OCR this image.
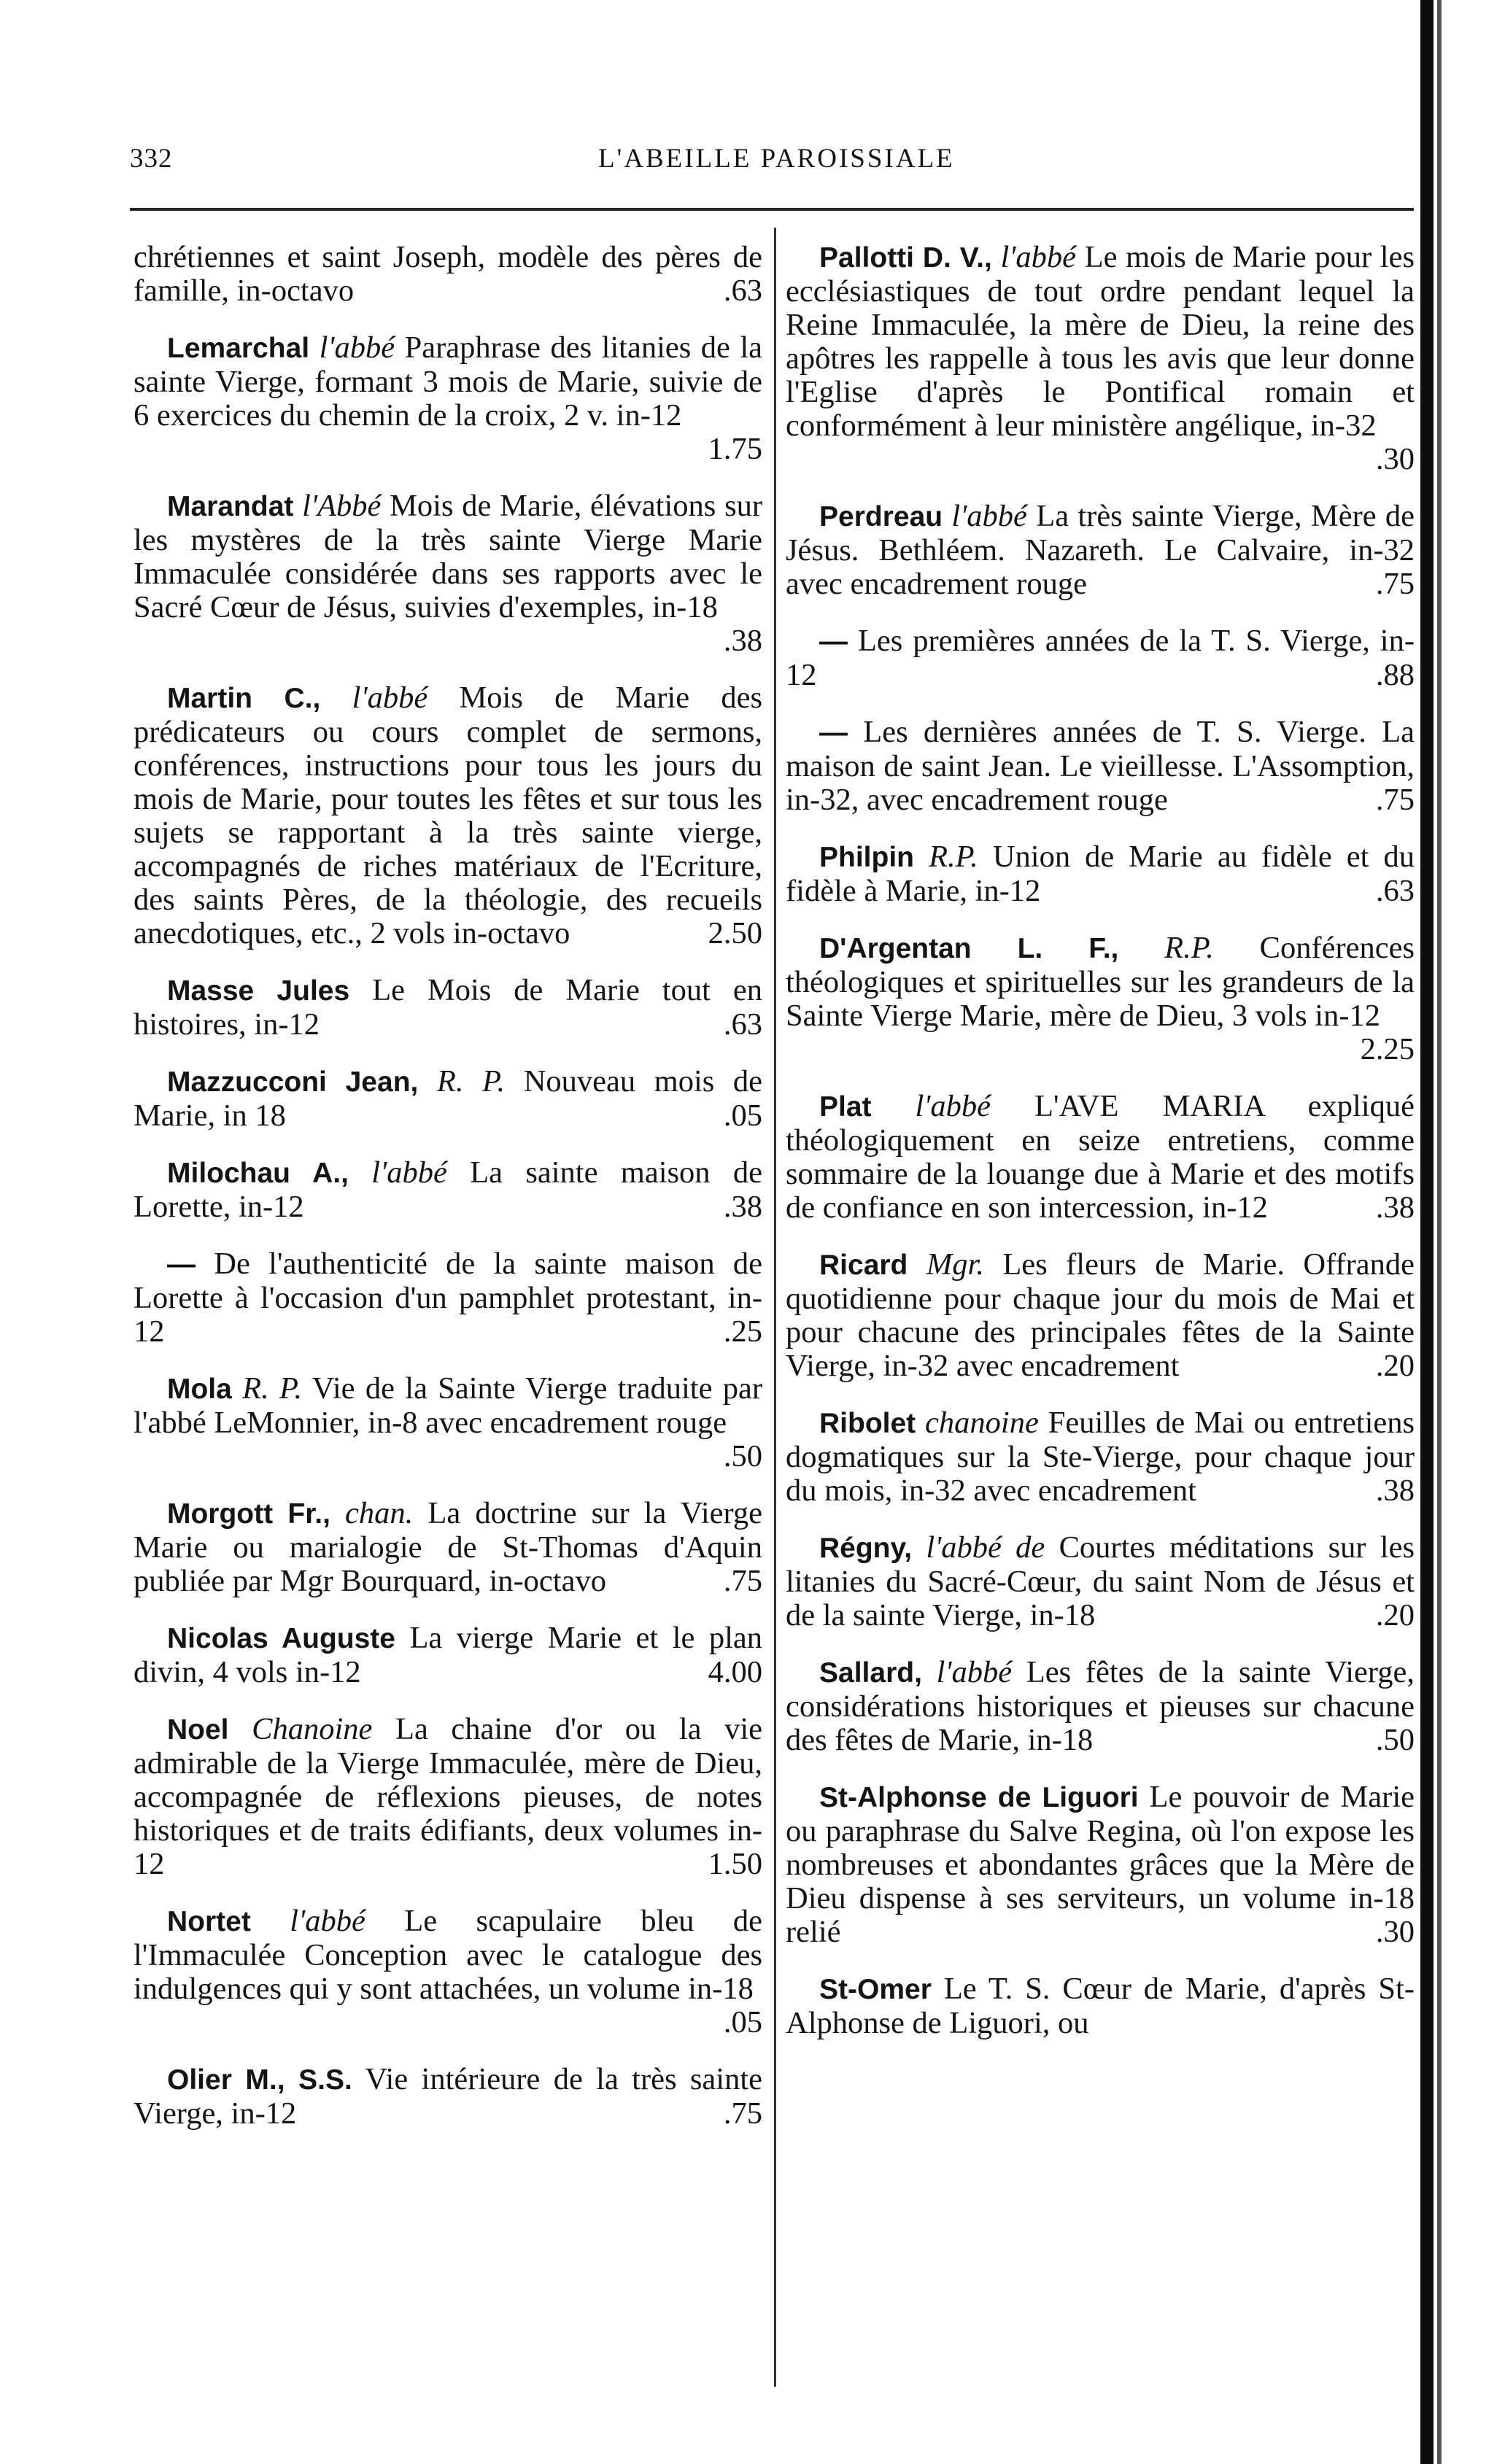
332	L'ABEILLE PAROISSIALE

chrétiennes et saint Joseph, modèle des pères de famille, in-octavo	.63

Lemarchal l'abbé Paraphrase des litanies de la sainte Vierge, formant 3 mois de Marie, suivie de 6 exercices du chemin de la croix, 2 v. in-12
1.75

Marandat l'Abbé Mois de Marie, élévations sur les mystères de la très sainte Vierge Marie Immaculée considérée dans ses rapports avec le Sacré Cœur de Jésus, suivies d'exemples, in-18
.38

Martin C., l'abbé Mois de Marie des prédicateurs ou cours complet de sermons, conférences, instructions pour tous les jours du mois de Marie, pour toutes les fêtes et sur tous les sujets se rapportant à la très sainte vierge, accompagnés de riches matériaux de l'Ecriture, des saints Pères, de la théologie, des recueils anecdotiques, etc., 2 vols in-octavo	2.50

Masse Jules Le Mois de Marie tout en histoires, in-12	.63

Mazzucconi Jean, R. P. Nouveau mois de Marie, in 18	.05

Milochau A., l'abbé La sainte maison de Lorette, in-12	.38

— De l'authenticité de la sainte maison de Lorette à l'occasion d'un pamphlet protestant, in-12	.25

Mola R. P. Vie de la Sainte Vierge traduite par l'abbé LeMonnier, in-8 avec encadrement rouge
.50

Morgott Fr., chan. La doctrine sur la Vierge Marie ou marialogie de St-Thomas d'Aquin publiée par Mgr Bourquard, in-octavo	.75

Nicolas Auguste La vierge Marie et le plan divin, 4 vols in-12	4.00

Noel Chanoine La chaine d'or ou la vie admirable de la Vierge Immaculée, mère de Dieu, accompagnée de réflexions pieuses, de notes historiques et de traits édifiants, deux volumes in-12	1.50

Nortet l'abbé Le scapulaire bleu de l'Immaculée Conception avec le catalogue des indulgences qui y sont attachées, un volume in-18
.05

Olier M., S.S. Vie intérieure de la très sainte Vierge, in-12	.75

Pallotti D. V., l'abbé Le mois de Marie pour les ecclésiastiques de tout ordre pendant lequel la Reine Immaculée, la mère de Dieu, la reine des apôtres les rappelle à tous les avis que leur donne l'Eglise d'après le Pontifical romain et conformément à leur ministère angélique, in-32
.30

Perdreau l'abbé La très sainte Vierge, Mère de Jésus. Bethléem. Nazareth. Le Calvaire, in-32 avec encadrement rouge	.75

— Les premières années de la T. S. Vierge, in-12	.88

— Les dernières années de T. S. Vierge. La maison de saint Jean. Le vieillesse. L'Assomption, in-32, avec encadrement rouge	.75

Philpin R.P. Union de Marie au fidèle et du fidèle à Marie, in-12	.63

D'Argentan L. F., R.P. Conférences théologiques et spirituelles sur les grandeurs de la Sainte Vierge Marie, mère de Dieu, 3 vols in-12
2.25

Plat l'abbé L'AVE MARIA expliqué théologiquement en seize entretiens, comme sommaire de la louange due à Marie et des motifs de confiance en son intercession, in-12	.38

Ricard Mgr. Les fleurs de Marie. Offrande quotidienne pour chaque jour du mois de Mai et pour chacune des principales fêtes de la Sainte Vierge, in-32 avec encadrement	.20

Ribolet chanoine Feuilles de Mai ou entretiens dogmatiques sur la Ste-Vierge, pour chaque jour du mois, in-32 avec encadrement	.38

Régny, l'abbé de Courtes méditations sur les litanies du Sacré-Cœur, du saint Nom de Jésus et de la sainte Vierge, in-18	.20

Sallard, l'abbé Les fêtes de la sainte Vierge, considérations historiques et pieuses sur chacune des fêtes de Marie, in-18	.50

St-Alphonse de Liguori Le pouvoir de Marie ou paraphrase du Salve Regina, où l'on expose les nombreuses et abondantes grâces que la Mère de Dieu dispense à ses serviteurs, un volume in-18 relié	.30

St-Omer Le T. S. Cœur de Marie, d'après St-Alphonse de Liguori, ou
